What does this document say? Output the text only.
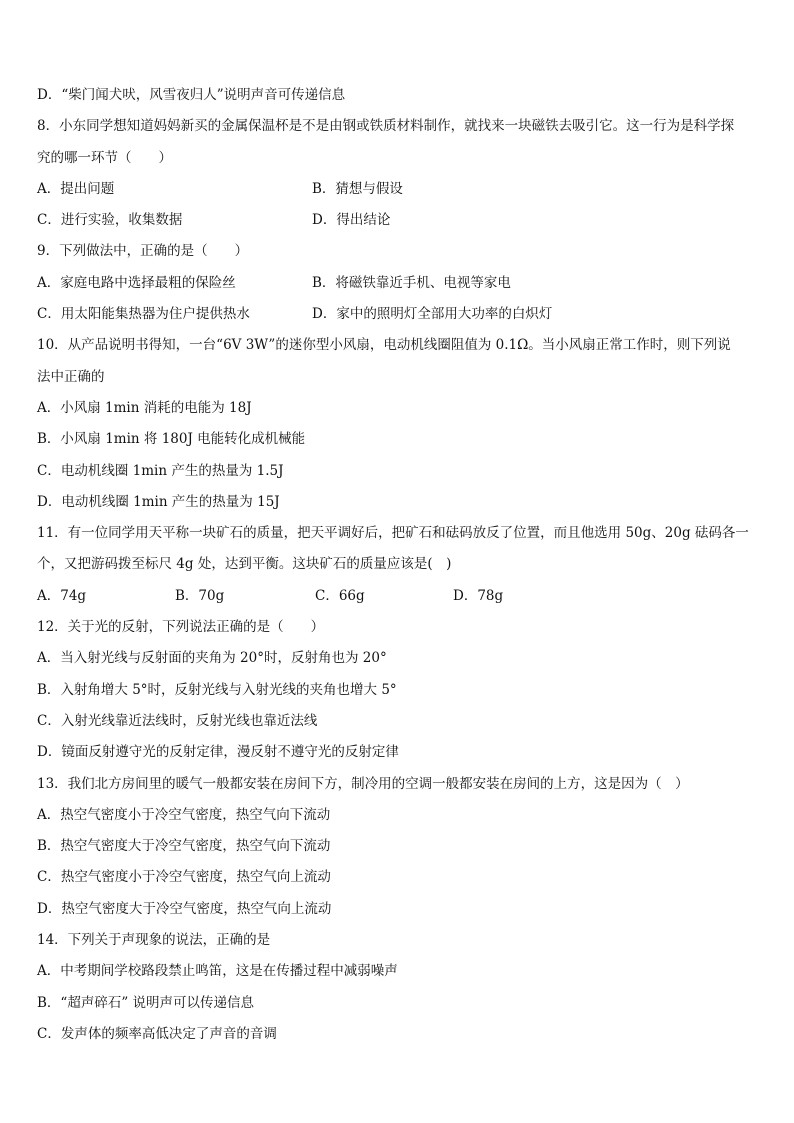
D．“柴门闻犬吠，风雪夜归人”说明声音可传递信息
8．小东同学想知道妈妈新买的金属保温杯是不是由钢或铁质材料制作，就找来一块磁铁去吸引它。这一行为是科学探
究的哪一环节（　　）
A．提出问题	B．猜想与假设
C．进行实验，收集数据	D．得出结论
9．下列做法中，正确的是（　　）
A．家庭电路中选择最粗的保险丝	B．将磁铁靠近手机、电视等家电
C．用太阳能集热器为住户提供热水	D．家中的照明灯全部用大功率的白炽灯
10．从产品说明书得知，一台“6V 3W”的迷你型小风扇，电动机线圈阻值为 0.1Ω。当小风扇正常工作时，则下列说
法中正确的
A．小风扇 1min 消耗的电能为 18J
B．小风扇 1min 将 180J 电能转化成机械能
C．电动机线圈 1min 产生的热量为 1.5J
D．电动机线圈 1min 产生的热量为 15J
11．有一位同学用天平称一块矿石的质量，把天平调好后，把矿石和砝码放反了位置，而且他选用 50g、20g 砝码各一
个，又把游码拨至标尺 4g 处，达到平衡。这块矿石的质量应该是(　)
A．74g	B．70g	C．66g	D．78g
12．关于光的反射，下列说法正确的是（　　）
A．当入射光线与反射面的夹角为 20°时，反射角也为 20°
B．入射角增大 5°时，反射光线与入射光线的夹角也增大 5°
C．入射光线靠近法线时，反射光线也靠近法线
D．镜面反射遵守光的反射定律，漫反射不遵守光的反射定律
13．我们北方房间里的暖气一般都安装在房间下方，制冷用的空调一般都安装在房间的上方，这是因为（　）
A．热空气密度小于冷空气密度，热空气向下流动
B．热空气密度大于冷空气密度，热空气向下流动
C．热空气密度小于冷空气密度，热空气向上流动
D．热空气密度大于冷空气密度，热空气向上流动
14．下列关于声现象的说法，正确的是
A．中考期间学校路段禁止鸣笛，这是在传播过程中减弱噪声
B．“超声碎石” 说明声可以传递信息
C．发声体的频率高低决定了声音的音调
